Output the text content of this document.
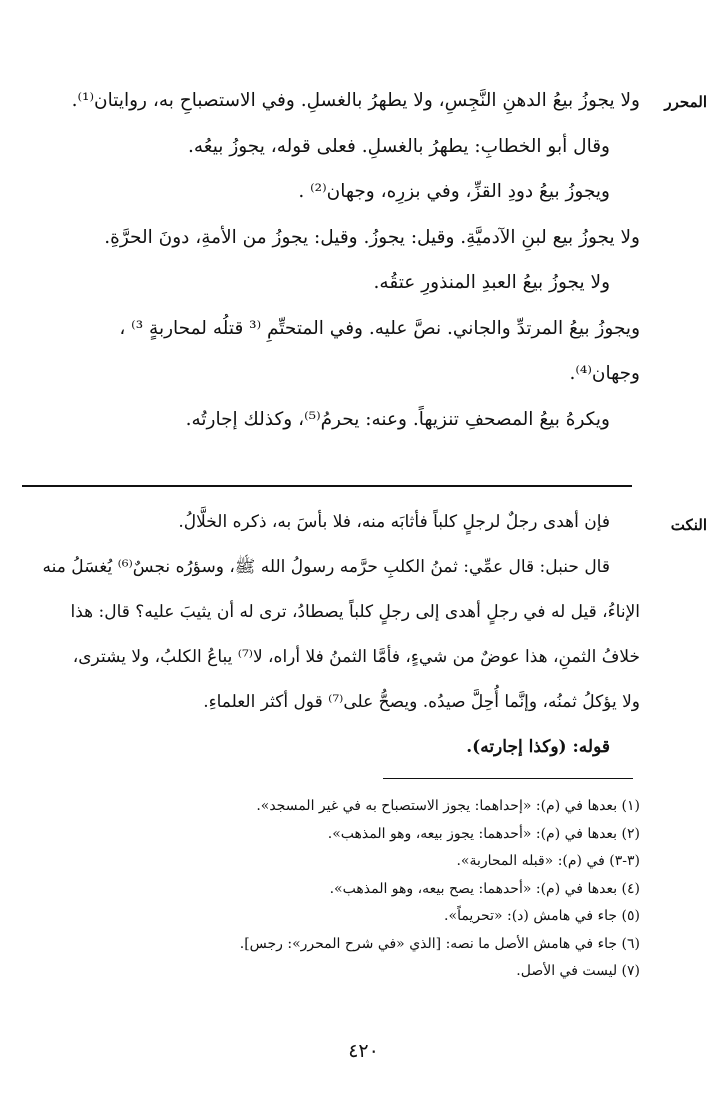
المحرر
ولا يجوزُ بيعُ الدهنِ النَّجِسِ، ولا يطهرُ بالغسلِ. وفي الاستصباحِ به، روايتان⁽¹⁾.
وقال أبو الخطابِ: يطهرُ بالغسلِ. فعلى قوله، يجوزُ بيعُه.
ويجوزُ بيعُ دودِ القزِّ، وفي بزرِه، وجهان⁽²⁾ .
ولا يجوزُ بيع لبنِ الآدميَّةِ. وقيل: يجوزُ. وقيل: يجوزُ من الأمةِ، دونَ الحرَّةِ.
ولا يجوزُ بيعُ العبدِ المنذورِ عتقُه.
ويجوزُ بيعُ المرتدِّ والجاني. نصَّ عليه. وفي المتحتِّمِ ⁽³ قتلُه لمحاربةٍ ³⁾ ،
وجهان⁽⁴⁾.
ويكرهُ بيعُ المصحفِ تنزيهاً. وعنه: يحرمُ⁽⁵⁾، وكذلك إجارتُه.
النكت
فإن أهدى رجلٌ لرجلٍ كلباً فأثابَه منه، فلا بأسَ به، ذكره الخلَّالُ.
قال حنبل: قال عمِّي: ثمنُ الكلبِ حرَّمه رسولُ الله ﷺ، وسؤرُه نجسٌ⁽⁶⁾ يُغسَلُ منه
الإناءُ، قيل له في رجلٍ أهدى إلى رجلٍ كلباً يصطادُ، ترى له أن يثيبَ عليه؟ قال: هذا
خلافُ الثمنِ، هذا عوضٌ من شيءٍ، فأمَّا الثمنُ فلا أراه، لا⁽⁷⁾ يباعُ الكلبُ، ولا يشترى،
ولا يؤكلُ ثمنُه، وإنَّما أُحِلَّ صيدُه. ويصحُّ على⁽⁷⁾ قول أكثر العلماءِ.
قوله: (وكذا إجارته).
(١) بعدها في (م): «إحداهما: يجوز الاستصباح به في غير المسجد».
(٢) بعدها في (م): «أحدهما: يجوز بيعه، وهو المذهب».
(٣-٣) في (م): «قبله المحاربة».
(٤) بعدها في (م): «أحدهما: يصح بيعه، وهو المذهب».
(٥) جاء في هامش (د): «تحريماً».
(٦) جاء في هامش الأصل ما نصه: [الذي «في شرح المحرر»: رجس].
(٧) ليست في الأصل.
٤٢٠
